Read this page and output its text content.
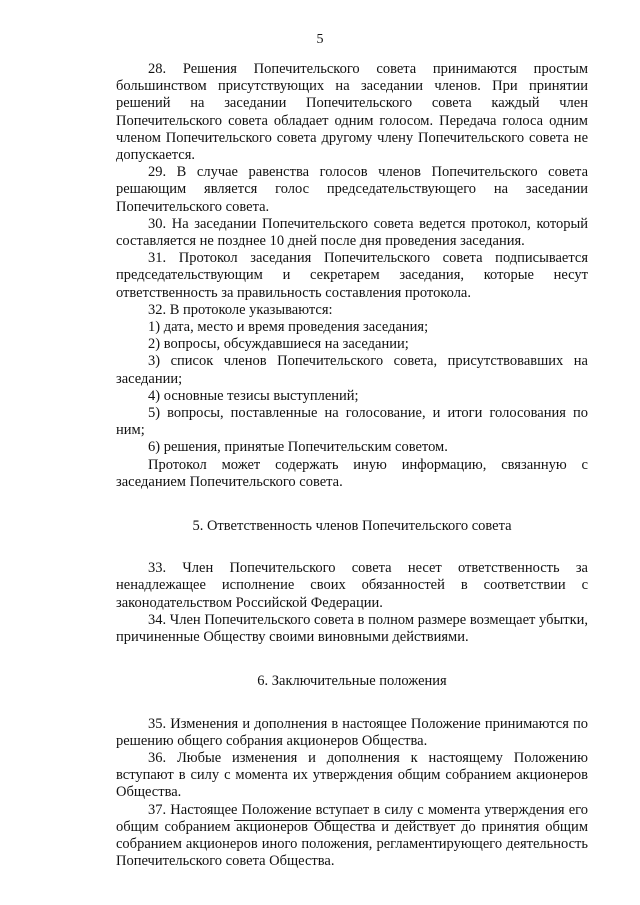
5

28. Решения Попечительского совета принимаются простым большинством присутствующих на заседании членов. При принятии решений на заседании Попечительского совета каждый член Попечительского совета обладает одним голосом. Передача голоса одним членом Попечительского совета другому члену Попечительского совета не допускается.

29. В случае равенства голосов членов Попечительского совета решающим является голос председательствующего на заседании Попечительского совета.

30. На заседании Попечительского совета ведется протокол, который составляется не позднее 10 дней после дня проведения заседания.

31. Протокол заседания Попечительского совета подписывается председательствующим и секретарем заседания, которые несут ответственность за правильность составления протокола.

32. В протоколе указываются:

1) дата, место и время проведения заседания;

2) вопросы, обсуждавшиеся на заседании;

3) список членов Попечительского совета, присутствовавших на заседании;

4) основные тезисы выступлений;

5) вопросы, поставленные на голосование, и итоги голосования по ним;

6) решения, принятые Попечительским советом.

Протокол может содержать иную информацию, связанную с заседанием Попечительского совета.

5. Ответственность членов Попечительского совета

33. Член Попечительского совета несет ответственность за ненадлежащее исполнение своих обязанностей в соответствии с законодательством Российской Федерации.

34. Член Попечительского совета в полном размере возмещает убытки, причиненные Обществу своими виновными действиями.

6. Заключительные положения

35. Изменения и дополнения в настоящее Положение принимаются по решению общего собрания акционеров Общества.

36. Любые изменения и дополнения к настоящему Положению вступают в силу с момента их утверждения общим собранием акционеров Общества.

37. Настоящее Положение вступает в силу с момента утверждения его общим собранием акционеров Общества и действует до принятия общим собранием акционеров иного положения, регламентирующего деятельность Попечительского совета Общества.
